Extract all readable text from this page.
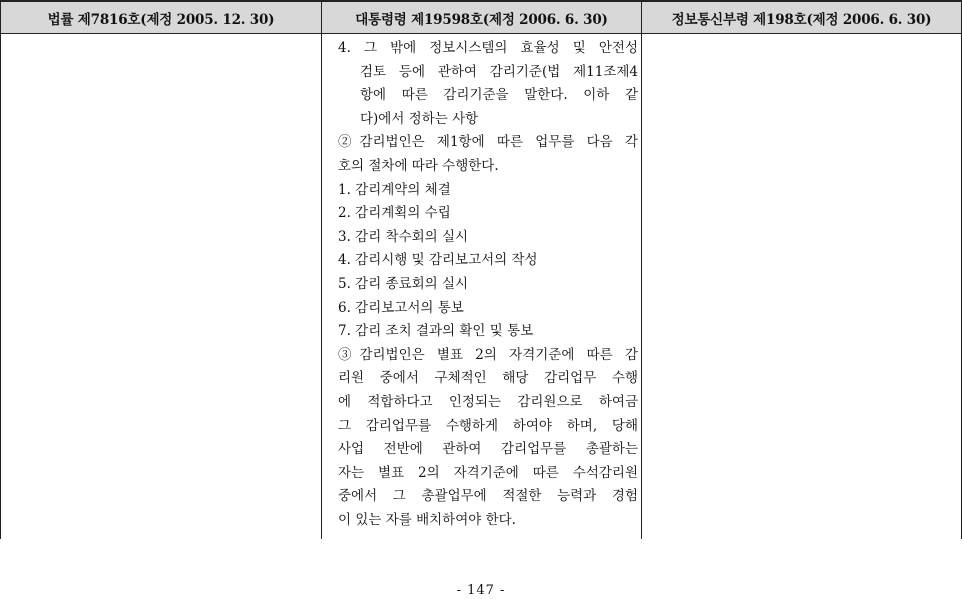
법률 제7816호(제정 2005. 12. 30)	대통령령 제19598호(제정 2006. 6. 30)	정보통신부령 제198호(제정 2006. 6. 30)
4. 그 밖에 정보시스템의 효율성 및 안전성
검토 등에 관하여 감리기준(법 제11조제4
항에 따른 감리기준을 말한다. 이하 같
다)에서 정하는 사항
②감리법인은 제1항에 따른 업무를 다음 각
호의 절차에 따라 수행한다.
1. 감리계약의 체결
2. 감리계획의 수립
3. 감리 착수회의 실시
4. 감리시행 및 감리보고서의 작성
5. 감리 종료회의 실시
6. 감리보고서의 통보
7. 감리 조치 결과의 확인 및 통보
③감리법인은 별표 2의 자격기준에 따른 감
리원 중에서 구체적인 해당 감리업무 수행
에 적합하다고 인정되는 감리원으로 하여금
그 감리업무를 수행하게 하여야 하며, 당해
사업 전반에 관하여 감리업무를 총괄하는
자는 별표 2의 자격기준에 따른 수석감리원
중에서 그 총괄업무에 적절한 능력과 경험
이 있는 자를 배치하여야 한다.
- 147 -
